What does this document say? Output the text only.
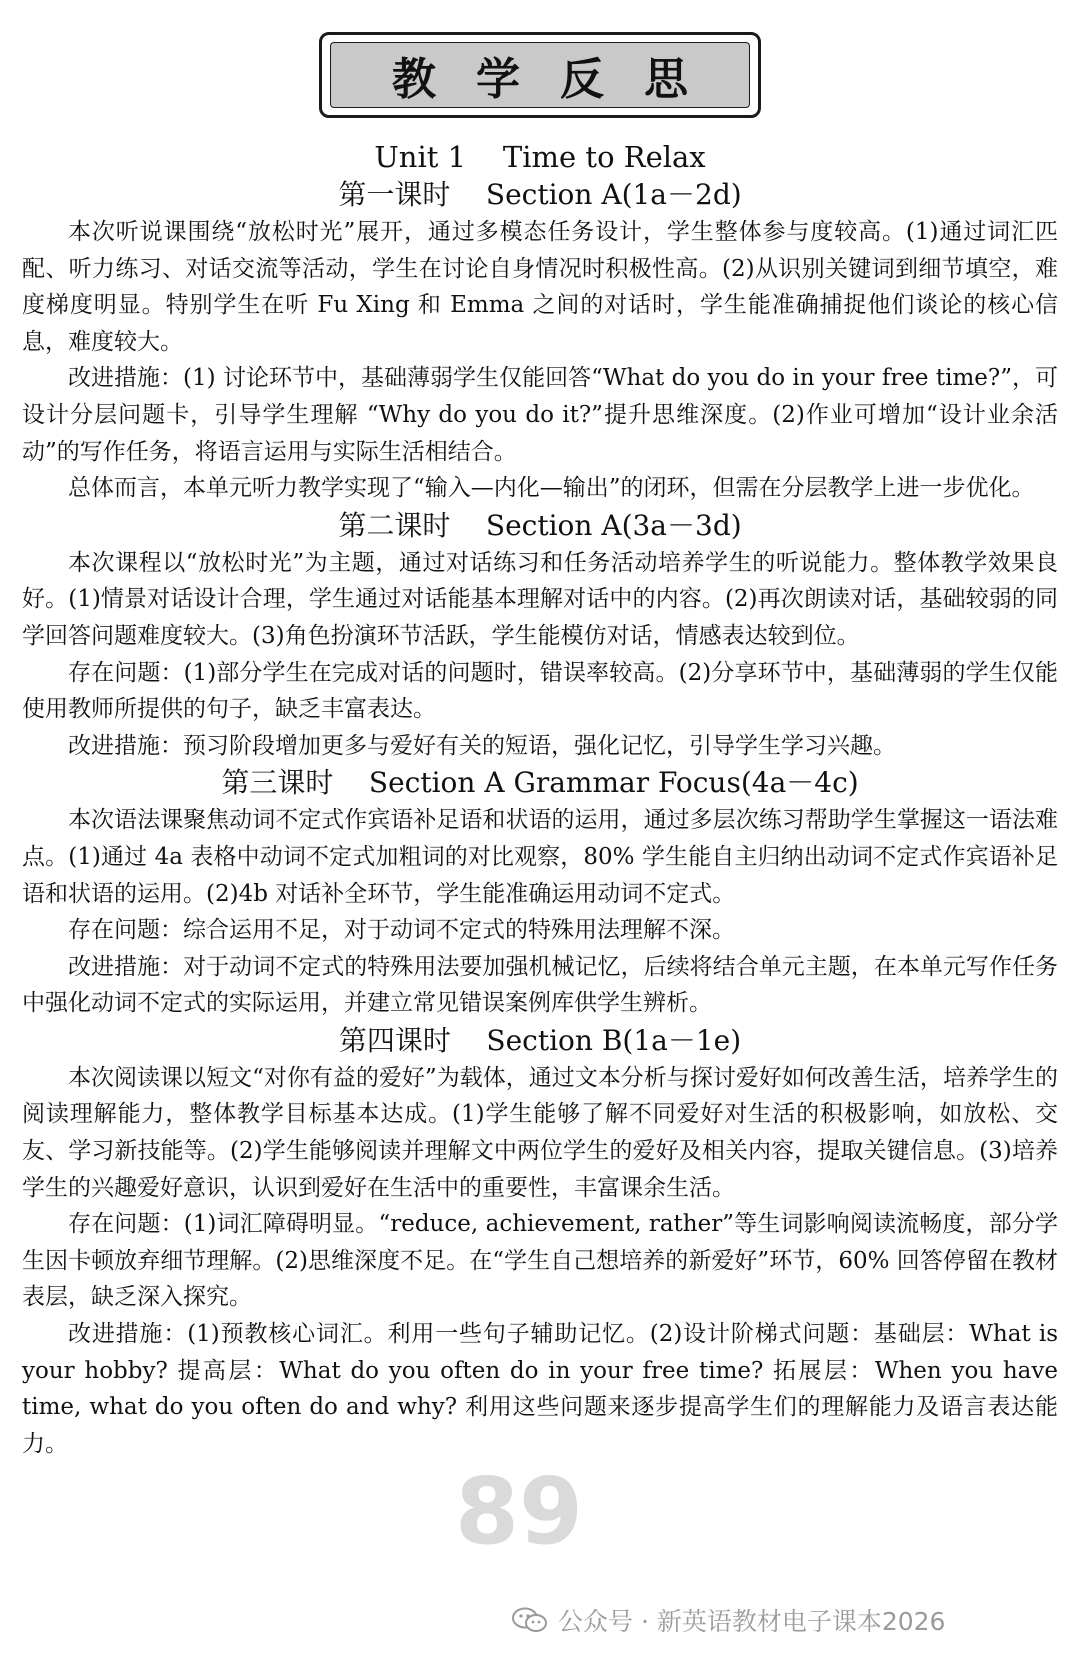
教学反思
Unit 1    Time to Relax
第一课时    Section A(1a－2d)

本次听说课围绕“放松时光”展开，通过多模态任务设计，学生整体参与度较高。(1)通过词汇匹配、听力练习、对话交流等活动，学生在讨论自身情况时积极性高。(2)从识别关键词到细节填空，难度梯度明显。特别学生在听 Fu Xing 和 Emma 之间的对话时，学生能准确捕捉他们谈论的核心信息，难度较大。

改进措施：(1) 讨论环节中，基础薄弱学生仅能回答“What do you do in your free time?”，可设计分层问题卡，引导学生理解 “Why do you do it?”提升思维深度。(2)作业可增加“设计业余活动”的写作任务，将语言运用与实际生活相结合。

总体而言，本单元听力教学实现了“输入—内化—输出”的闭环，但需在分层教学上进一步优化。

第二课时    Section A(3a－3d)

本次课程以“放松时光”为主题，通过对话练习和任务活动培养学生的听说能力。整体教学效果良好。(1)情景对话设计合理，学生通过对话能基本理解对话中的内容。(2)再次朗读对话，基础较弱的同学回答问题难度较大。(3)角色扮演环节活跃，学生能模仿对话，情感表达较到位。

存在问题：(1)部分学生在完成对话的问题时，错误率较高。(2)分享环节中，基础薄弱的学生仅能使用教师所提供的句子，缺乏丰富表达。

改进措施：预习阶段增加更多与爱好有关的短语，强化记忆，引导学生学习兴趣。

第三课时    Section A Grammar Focus(4a－4c)

本次语法课聚焦动词不定式作宾语补足语和状语的运用，通过多层次练习帮助学生掌握这一语法难点。(1)通过 4a 表格中动词不定式加粗词的对比观察，80% 学生能自主归纳出动词不定式作宾语补足语和状语的运用。(2)4b 对话补全环节，学生能准确运用动词不定式。

存在问题：综合运用不足，对于动词不定式的特殊用法理解不深。

改进措施：对于动词不定式的特殊用法要加强机械记忆，后续将结合单元主题，在本单元写作任务中强化动词不定式的实际运用，并建立常见错误案例库供学生辨析。

第四课时    Section B(1a－1e)

本次阅读课以短文“对你有益的爱好”为载体，通过文本分析与探讨爱好如何改善生活，培养学生的阅读理解能力，整体教学目标基本达成。(1)学生能够了解不同爱好对生活的积极影响，如放松、交友、学习新技能等。(2)学生能够阅读并理解文中两位学生的爱好及相关内容，提取关键信息。(3)培养学生的兴趣爱好意识，认识到爱好在生活中的重要性，丰富课余生活。

存在问题：(1)词汇障碍明显。“reduce, achievement, rather”等生词影响阅读流畅度，部分学生因卡顿放弃细节理解。(2)思维深度不足。在“学生自己想培养的新爱好”环节，60% 回答停留在教材表层，缺乏深入探究。

改进措施：(1)预教核心词汇。利用一些句子辅助记忆。(2)设计阶梯式问题：基础层：What is your hobby? 提高层：What do you often do in your free time? 拓展层：When you have time, what do you often do and why? 利用这些问题来逐步提高学生们的理解能力及语言表达能力。

89
公众号 · 新英语教材电子课本2026
